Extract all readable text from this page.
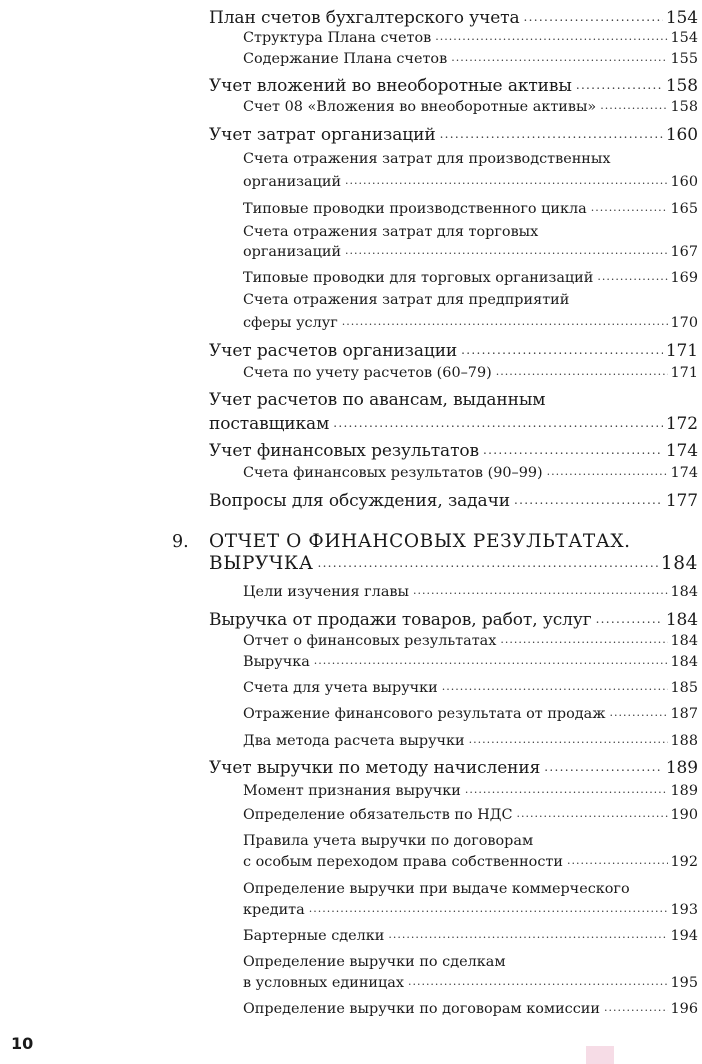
План счетов бухгалтерского учета .....	154
Структура Плана счетов .....	154
Содержание Плана счетов .....	155
Учет вложений во внеоборотные активы .....	158
Счет 08 «Вложения во внеоборотные активы» .....	158
Учет затрат организаций .....	160
Счета отражения затрат для производственных
организаций .....	160
Типовые проводки производственного цикла .....	165
Счета отражения затрат для торговых
организаций .....	167
Типовые проводки для торговых организаций .....	169
Счета отражения затрат для предприятий
сферы услуг .....	170
Учет расчетов организации .....	171
Счета по учету расчетов (60–79) .....	171
Учет расчетов по авансам, выданным
поставщикам .....	172
Учет финансовых результатов .....	174
Счета финансовых результатов (90–99) .....	174
Вопросы для обсуждения, задачи .....	177
9. ОТЧЕТ О ФИНАНСОВЫХ РЕЗУЛЬТАТАХ.
ВЫРУЧКА .....	184
Цели изучения главы .....	184
Выручка от продажи товаров, работ, услуг .....	184
Отчет о финансовых результатах .....	184
Выручка .....	184
Счета для учета выручки .....	185
Отражение финансового результата от продаж .....	187
Два метода расчета выручки .....	188
Учет выручки по методу начисления .....	189
Момент признания выручки .....	189
Определение обязательств по НДС .....	190
Правила учета выручки по договорам
с особым переходом права собственности .....	192
Определение выручки при выдаче коммерческого
кредита .....	193
Бартерные сделки .....	194
Определение выручки по сделкам
в условных единицах .....	195
Определение выручки по договорам комиссии .....	196
10
